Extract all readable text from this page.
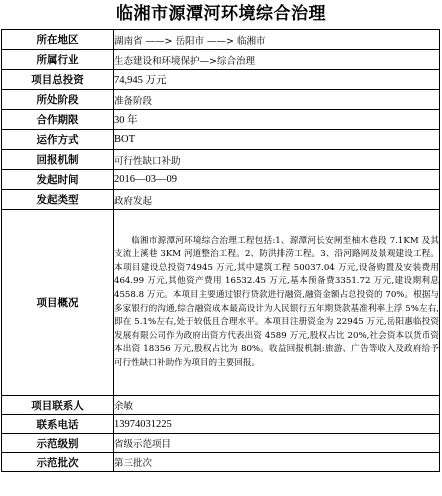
临湘市源潭河环境综合治理
所在地区	湖南省 ——> 岳阳市 ——> 临湘市
所属行业	生态建设和环境保护—>综合治理
项目总投资	74,945 万元
所处阶段	准备阶段
合作期限	30 年
运作方式	BOT
回报机制	可行性缺口补助
发起时间	2016—03—09
发起类型	政府发起
项目概况	临湘市源潭河环境综合治理工程包括:1、源潭河长安闸至柚木巷段 7.1KM 及其支流上溪巷 3KM 河道整治工程。2、防洪排涝工程。3、沿河路网及景观建设工程。本项目建设总投资74945 万元,其中建筑工程 50037.04 万元,设备购置及安装费用 464.99 万元,其他资产费用 16532.45 万元,基本预备费3351.72 万元,建设期利息 4558.8 万元。本项目主要通过银行贷款进行融资,融资金额占总投资的 70%。根据与多家银行的沟通,综合融资成本最高设计为人民银行五年期贷款基准利率上浮 5%左右,即在 5.1%左右,处于较低且合理水平。本项目注册资金为 22945 万元,岳阳惠临投资发展有限公司作为政府出资方代表出资 4589 万元,股权占比 20%,社会资本以货币资本出资 18356 万元,股权占比为 80%。收益回报机制:旅游、广告等收入及政府给予可行性缺口补助作为项目的主要回报。
项目联系人	余敏
联系电话	13974031225
示范级别	省级示范项目
示范批次	第三批次
